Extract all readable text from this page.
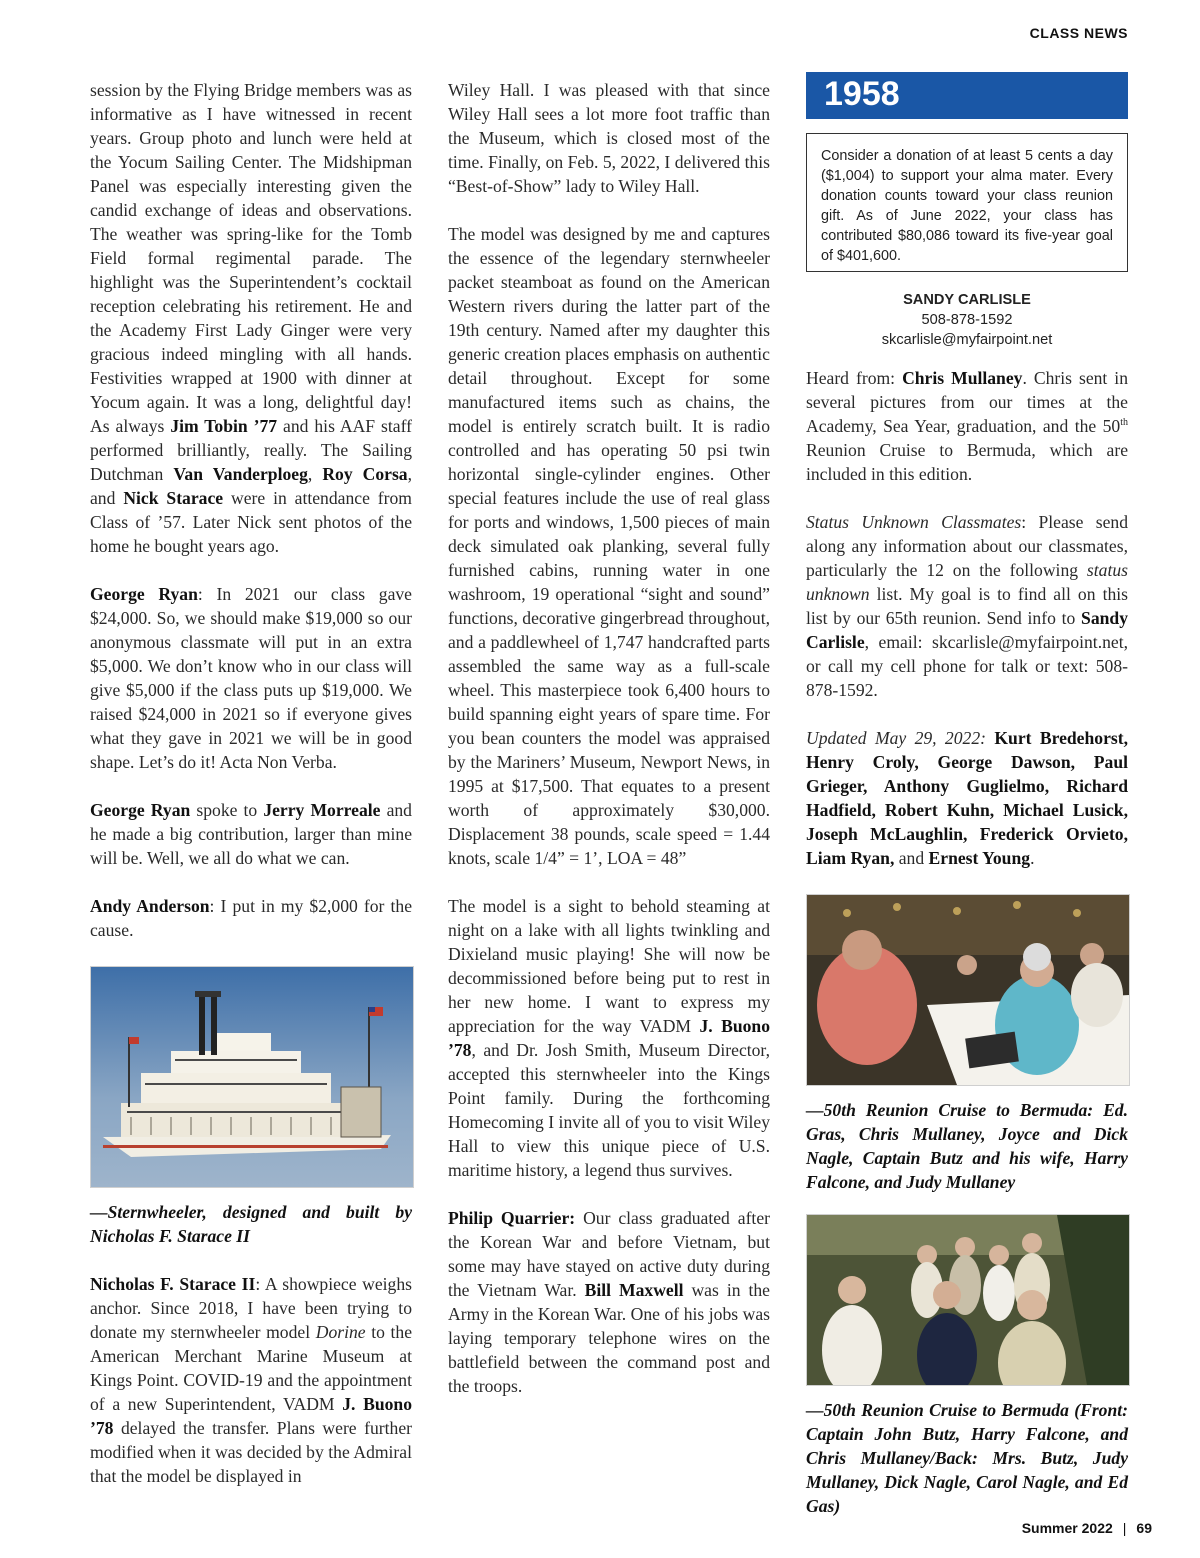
CLASS NEWS

session by the Flying Bridge members was as informative as I have witnessed in recent years. Group photo and lunch were held at the Yocum Sailing Center. The Midshipman Panel was especially interesting given the candid exchange of ideas and observations. The weather was spring-like for the Tomb Field formal regimental parade. The highlight was the Superintendent’s cocktail reception celebrating his retirement. He and the Academy First Lady Ginger were very gracious indeed mingling with all hands. Festivities wrapped at 1900 with dinner at Yocum again. It was a long, delightful day! As always Jim Tobin ’77 and his AAF staff performed brilliantly, really. The Sailing Dutchman Van Vanderploeg, Roy Corsa, and Nick Starace were in attendance from Class of ’57. Later Nick sent photos of the home he bought years ago.

George Ryan: In 2021 our class gave $24,000. So, we should make $19,000 so our anonymous classmate will put in an extra $5,000. We don’t know who in our class will give $5,000 if the class puts up $19,000. We raised $24,000 in 2021 so if everyone gives what they gave in 2021 we will be in good shape. Let’s do it! Acta Non Verba.

George Ryan spoke to Jerry Morreale and he made a big contribution, larger than mine will be. Well, we all do what we can.

Andy Anderson: I put in my $2,000 for the cause.

—Sternwheeler, designed and built by Nicholas F. Starace II

Nicholas F. Starace II: A showpiece weighs anchor. Since 2018, I have been trying to donate my sternwheeler model Dorine to the American Merchant Marine Museum at Kings Point. COVID-19 and the appointment of a new Superintendent, VADM J. Buono ’78 delayed the transfer. Plans were further modified when it was decided by the Admiral that the model be displayed in

Wiley Hall. I was pleased with that since Wiley Hall sees a lot more foot traffic than the Museum, which is closed most of the time. Finally, on Feb. 5, 2022, I delivered this “Best-of-Show” lady to Wiley Hall.

The model was designed by me and captures the essence of the legendary sternwheeler packet steamboat as found on the American Western rivers during the latter part of the 19th century. Named after my daughter this generic creation places emphasis on authentic detail throughout. Except for some manufactured items such as chains, the model is entirely scratch built. It is radio controlled and has operating 50 psi twin horizontal single-cylinder engines. Other special features include the use of real glass for ports and windows, 1,500 pieces of main deck simulated oak planking, several fully furnished cabins, running water in one washroom, 19 operational “sight and sound” functions, decorative gingerbread throughout, and a paddlewheel of 1,747 handcrafted parts assembled the same way as a full-scale wheel. This masterpiece took 6,400 hours to build spanning eight years of spare time. For you bean counters the model was appraised by the Mariners’ Museum, Newport News, in 1995 at $17,500. That equates to a present worth of approximately $30,000. Displacement 38 pounds, scale speed = 1.44 knots, scale 1/4” = 1’, LOA = 48”

The model is a sight to behold steaming at night on a lake with all lights twinkling and Dixieland music playing! She will now be decommissioned before being put to rest in her new home. I want to express my appreciation for the way VADM J. Buono ’78, and Dr. Josh Smith, Museum Director, accepted this sternwheeler into the Kings Point family. During the forthcoming Homecoming I invite all of you to visit Wiley Hall to view this unique piece of U.S. maritime history, a legend thus survives.

Philip Quarrier: Our class graduated after the Korean War and before Vietnam, but some may have stayed on active duty during the Vietnam War. Bill Maxwell was in the Army in the Korean War. One of his jobs was laying temporary telephone wires on the battlefield between the command post and the troops.

1958
Consider a donation of at least 5 cents a day ($1,004) to support your alma mater. Every donation counts toward your class reunion gift. As of June 2022, your class has contributed $80,086 toward its five-year goal of $401,600.
SANDY CARLISLE
508-878-1592
skcarlisle@myfairpoint.net

Heard from: Chris Mullaney. Chris sent in several pictures from our times at the Academy, Sea Year, graduation, and the 50th Reunion Cruise to Bermuda, which are included in this edition.

Status Unknown Classmates: Please send along any information about our classmates, particularly the 12 on the following status unknown list. My goal is to find all on this list by our 65th reunion. Send info to Sandy Carlisle, email: skcarlisle@myfairpoint.net, or call my cell phone for talk or text: 508-878-1592.

Updated May 29, 2022: Kurt Bredehorst, Henry Croly, George Dawson, Paul Grieger, Anthony Guglielmo, Richard Hadfield, Robert Kuhn, Michael Lusick, Joseph McLaughlin, Frederick Orvieto, Liam Ryan, and Ernest Young.

—50th Reunion Cruise to Bermuda: Ed. Gras, Chris Mullaney, Joyce and Dick Nagle, Captain Butz and his wife, Harry Falcone, and Judy Mullaney

—50th Reunion Cruise to Bermuda (Front: Captain John Butz, Harry Falcone, and Chris Mullaney/Back: Mrs. Butz, Judy Mullaney, Dick Nagle, Carol Nagle, and Ed Gas)

Summer 2022 | 69
